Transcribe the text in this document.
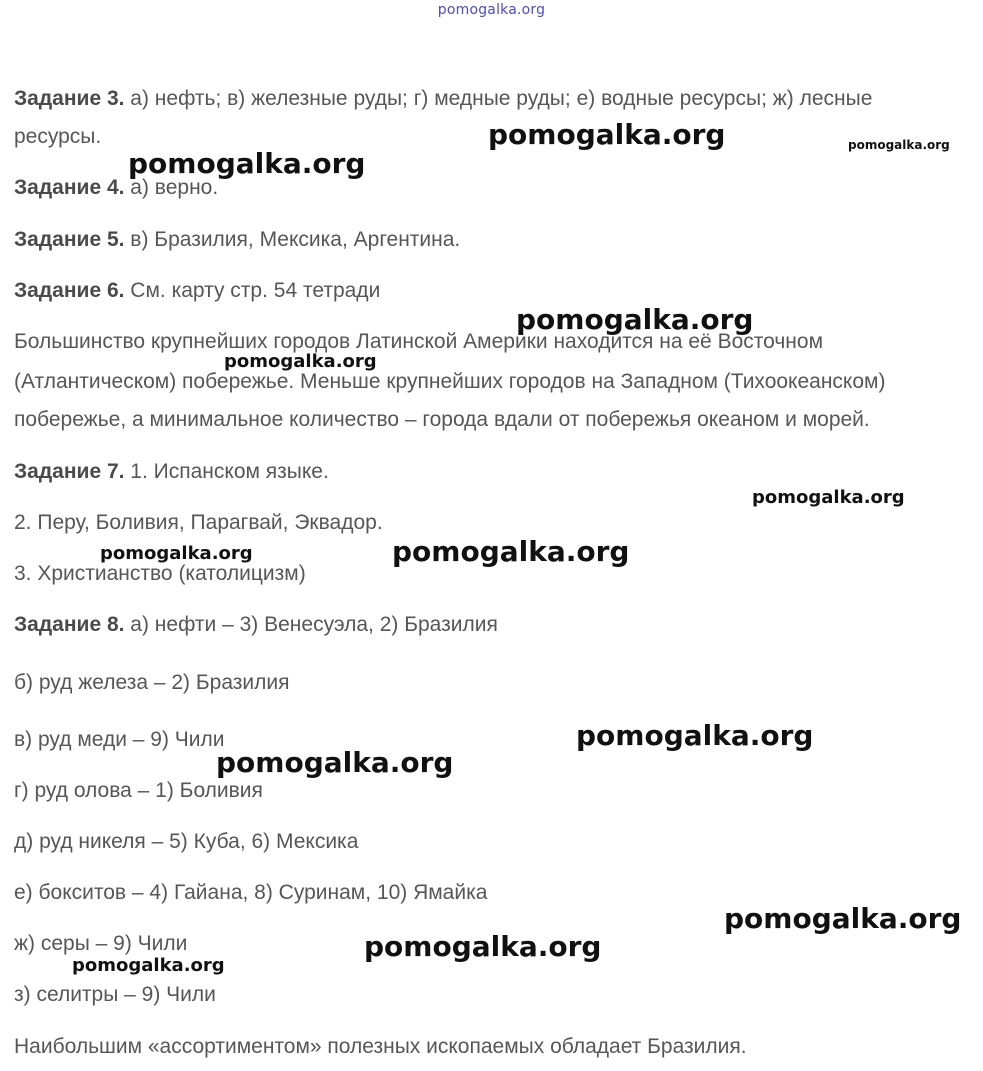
pomogalka.org
Задание 3. а) нефть; в) железные руды; г) медные руды; е) водные ресурсы; ж) лесные
ресурсы.
Задание 4. а) верно.
Задание 5. в) Бразилия, Мексика, Аргентина.
Задание 6. См. карту стр. 54 тетради
Большинство крупнейших городов Латинской Америки находится на её Восточном
(Атлантическом) побережье. Меньше крупнейших городов на Западном (Тихоокеанском)
побережье, а минимальное количество – города вдали от побережья океаном и морей.
Задание 7. 1. Испанском языке.
2. Перу, Боливия, Парагвай, Эквадор.
3. Христианство (католицизм)
Задание 8. а) нефти – 3) Венесуэла, 2) Бразилия
б) руд железа – 2) Бразилия
в) руд меди – 9) Чили
г) руд олова – 1) Боливия
д) руд никеля – 5) Куба, 6) Мексика
е) бокситов – 4) Гайана, 8) Суринам, 10) Ямайка
ж) серы – 9) Чили
з) селитры – 9) Чили
Наибольшим «ассортиментом» полезных ископаемых обладает Бразилия.
pomogalka.org	pomogalka.org
pomogalka.org
pomogalka.org
pomogalka.org
pomogalka.org
pomogalka.org
pomogalka.org
pomogalka.org
pomogalka.org
pomogalka.org
pomogalka.org
pomogalka.org
